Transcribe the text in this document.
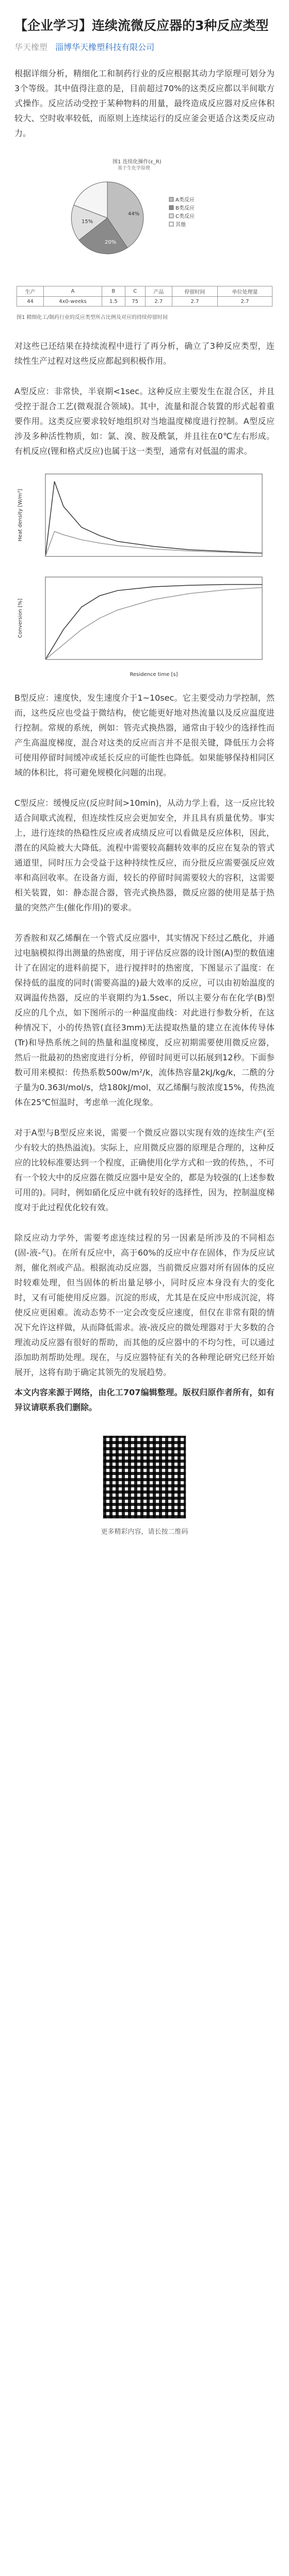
【企业学习】连续流微反应器的3种反应类型
华天橡塑 淄博华天橡塑科技有限公司

根据详细分析，精细化工和制药行业的反应根据其动力学原理可划分为3个等级。其中值得注意的是，目前超过70%的这类反应都以半间歇方式操作。反应活动受控于某种物料的用量，最终造成反应器对反应体积较大、空时收率较低，而原则上连续运行的反应釜会更适合这类反应动力。

图1 连续化操作(ε_R)
基于生化学原理
44%
20%
15%
A类反应
B类反应
C类反应
其他
生产	A	B	C	产品	停留时间	单位处理量
44	4x0-weeks	1.5	75	2.7	2.7	2.7
图1 精细化工/制药行业的反应类型所占比例及对应的持续停留时间

对这些已还结果在持续流程中进行了再分析，确立了3种反应类型，连续性生产过程对这些反应都起到积极作用。

A型反应：非常快，半衰期<1sec。这种反应主要发生在混合区，并且受控于混合工艺(微观混合领域)。其中，流量和混合装置的形式起着重要作用。这类反应要求较好地组织对当地温度梯度进行控制。A型反应涉及多种活性物质，如：氯、溴、胺及酰氯，并且往在0℃左右形成。有机反应(锂和格式反应)也属于这一类型，通常有对低温的需求。

Heat density [W/m³]
Conversion [%]
Residence time [s]

B型反应：速度快，发生速度介于1~10sec。它主要受动力学控制，然而，这些反应也受益于微结构，使它能更好地对热流量以及反应温度进行控制。常规的系统，例如：管壳式换热器，通常由于较少的选择性而产生高温度梯度，混合对这类的反应而言并不是很关键，降低压力会将可使用停留时间缓冲或延长反应的可能性也降低。如果能够保持相同区域的体积比，将可避免规模化问题的出现。

C型反应：缓慢反应(反应时间>10min)，从动力学上看，这一反应比较适合间歇式流程，但连续性反应会更加安全，并且具有质量优势。事实上，进行连续的热稳性反应或者成绩反应可以看做是反应体积，因此，潜在的风险被大大降低。流程中需要较高翻转效率的反应在复杂的管式通道里，同时压力会受益于这种持续性反应，而分批反应需要强反应效率和高回收率。在设备方面，较长的停留时间需要较大的容积，这需要相关装置，如：静态混合器，管壳式换热器，微反应器的使用是基于热量的突然产生(催化作用)的要求。

芳香胺和双乙烯酮在一个管式反应器中，其实情况下经过乙酰化，并通过电脑模拟得出测量的热密度，用于评估反应器的设计图(A)型的数值速计了在固定的进料前提下，进行搅拌时的热密度，下图显示了温度：在保持低的温度的同时(需要高温的)最大效率的反应，可以由初始温度的双调温传热器，反应的半衰期约为1.5sec，所以主要分布在化学(B)型反应的几个点，如下图所示的一种温度曲线：对此进行参数分析，在这种情况下，小的传热管(直径3mm)无法提取热量的建立在流体传导体(Tr)和导热系统之间的热量和温度梯度，反应初期需要使用微反应器，然后一批最初的热密度进行分析，停留时间更可以拓展到12秒。下面参数可用来模拟：传热系数500w/m²/k，流体热容量2kJ/kg/k，二酰的分子量为0.363l/mol/s，焓180kJ/mol，双乙烯酮与胺浓度15%，传热流体在25℃恒温时，考虑单一流化现象。

对于A型与B型反应来说，需要一个微反应器以实现有效的连续生产(至少有较大的热热溢流)。实际上，应用微反应器的原理是合理的，这种反应的比较标准要达到一个程度，正确使用化学方式和一致的传热，，不可有一个较大中的反应器在微反应器中是安全的，都是为较强的(上述参数可用的)。同时，例如硝化反应中就有较好的选择性，因为，控制温度梯度对于此过程优化较有效。

除反应动力学外，需要考虑连续过程的另一因素是所涉及的不同相态(固-液-气)。在所有反应中，高于60%的反应中存在固体，作为反应试剂，催化剂或产品。根据流动反应器，当前微反应器对所有固体的反应时较难处理，但当固体的析出量足够小，同时反应本身没有大的变化时，又有可能使用反应器。沉淀的形成，尤其是在反应中形成沉淀，将使反应更困难。流动态势不一定会改变反应速度，但仅在非常有限的情况下允许这样做，从而降低需求。液-液反应的微处理器对于大多数的合理流动反应器有很好的帮助，而其他的反应器中的不均匀性，可以通过添加助剂帮助处理。现在，与反应器特征有关的各种理论研究已经开始展开，这将有助于确定其领先的发展趋势。

本文内容来源于网络，由化工707编辑整理。版权归原作者所有，如有异议请联系我们删除。

更多精彩内容，请长按二维码
